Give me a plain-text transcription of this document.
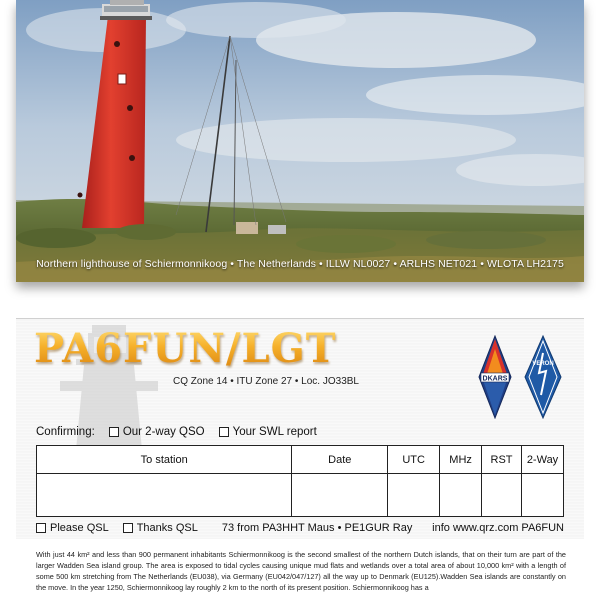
Northern lighthouse of Schiermonnikoog • The Netherlands • ILLW NL0027 • ARLHS NET021 • WLOTA LH2175
PA6FUN/LGT
CQ Zone 14 • ITU Zone 27 • Loc. JO33BL	DKARS
VERON
Confirming: Our 2-way QSO Your SWL report
To station	Date	UTC	MHz	RST	2-Way

Please QSL	Thanks QSL 73 from PA3HHT Maus • PE1GUR Ray info www.qrz.com PA6FUN
With just 44 km² and less than 900 permanent inhabitants Schiermonnikoog is the second smallest of the northern Dutch islands, that on their turn are part of the larger Wadden Sea island group. The area is exposed to tidal cycles causing unique mud flats and wetlands over a total area of about 10,000 km² with a length of some 500 km stretching from The Netherlands (EU038), via Germany (EU042/047/127) all the way up to Denmark (EU125).Wadden Sea islands are constantly on the move. In the year 1250, Schiermonnikoog lay roughly 2 km to the north of its present position. Schiermonnikoog has a
